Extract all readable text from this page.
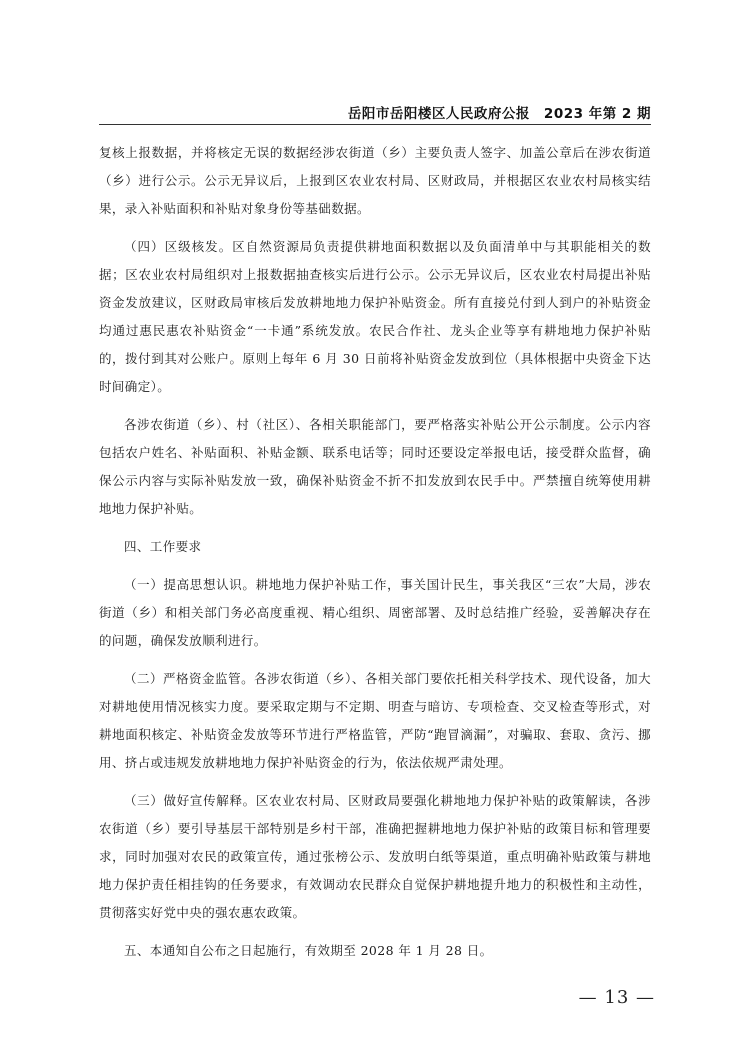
岳阳市岳阳楼区人民政府公报　2023 年第 2 期

复核上报数据，并将核定无误的数据经涉农街道（乡）主要负责人签字、加盖公章后在涉农街道（乡）进行公示。公示无异议后，上报到区农业农村局、区财政局，并根据区农业农村局核实结果，录入补贴面积和补贴对象身份等基础数据。

（四）区级核发。区自然资源局负责提供耕地面积数据以及负面清单中与其职能相关的数据；区农业农村局组织对上报数据抽查核实后进行公示。公示无异议后，区农业农村局提出补贴资金发放建议，区财政局审核后发放耕地地力保护补贴资金。所有直接兑付到人到户的补贴资金均通过惠民惠农补贴资金“一卡通”系统发放。农民合作社、龙头企业等享有耕地地力保护补贴的，拨付到其对公账户。原则上每年 6 月 30 日前将补贴资金发放到位（具体根据中央资金下达时间确定）。

各涉农街道（乡）、村（社区）、各相关职能部门，要严格落实补贴公开公示制度。公示内容包括农户姓名、补贴面积、补贴金额、联系电话等；同时还要设定举报电话，接受群众监督，确保公示内容与实际补贴发放一致，确保补贴资金不折不扣发放到农民手中。严禁擅自统筹使用耕地地力保护补贴。

四、工作要求

（一）提高思想认识。耕地地力保护补贴工作，事关国计民生，事关我区“三农”大局，涉农街道（乡）和相关部门务必高度重视、精心组织、周密部署、及时总结推广经验，妥善解决存在的问题，确保发放顺利进行。

（二）严格资金监管。各涉农街道（乡）、各相关部门要依托相关科学技术、现代设备，加大对耕地使用情况核实力度。要采取定期与不定期、明查与暗访、专项检查、交叉检查等形式，对耕地面积核定、补贴资金发放等环节进行严格监管，严防“跑冒滴漏”，对骗取、套取、贪污、挪用、挤占或违规发放耕地地力保护补贴资金的行为，依法依规严肃处理。

（三）做好宣传解释。区农业农村局、区财政局要强化耕地地力保护补贴的政策解读，各涉农街道（乡）要引导基层干部特别是乡村干部，准确把握耕地地力保护补贴的政策目标和管理要求，同时加强对农民的政策宣传，通过张榜公示、发放明白纸等渠道，重点明确补贴政策与耕地地力保护责任相挂钩的任务要求，有效调动农民群众自觉保护耕地提升地力的积极性和主动性，贯彻落实好党中央的强农惠农政策。

五、本通知自公布之日起施行，有效期至 2028 年 1 月 28 日。

— 13 —
